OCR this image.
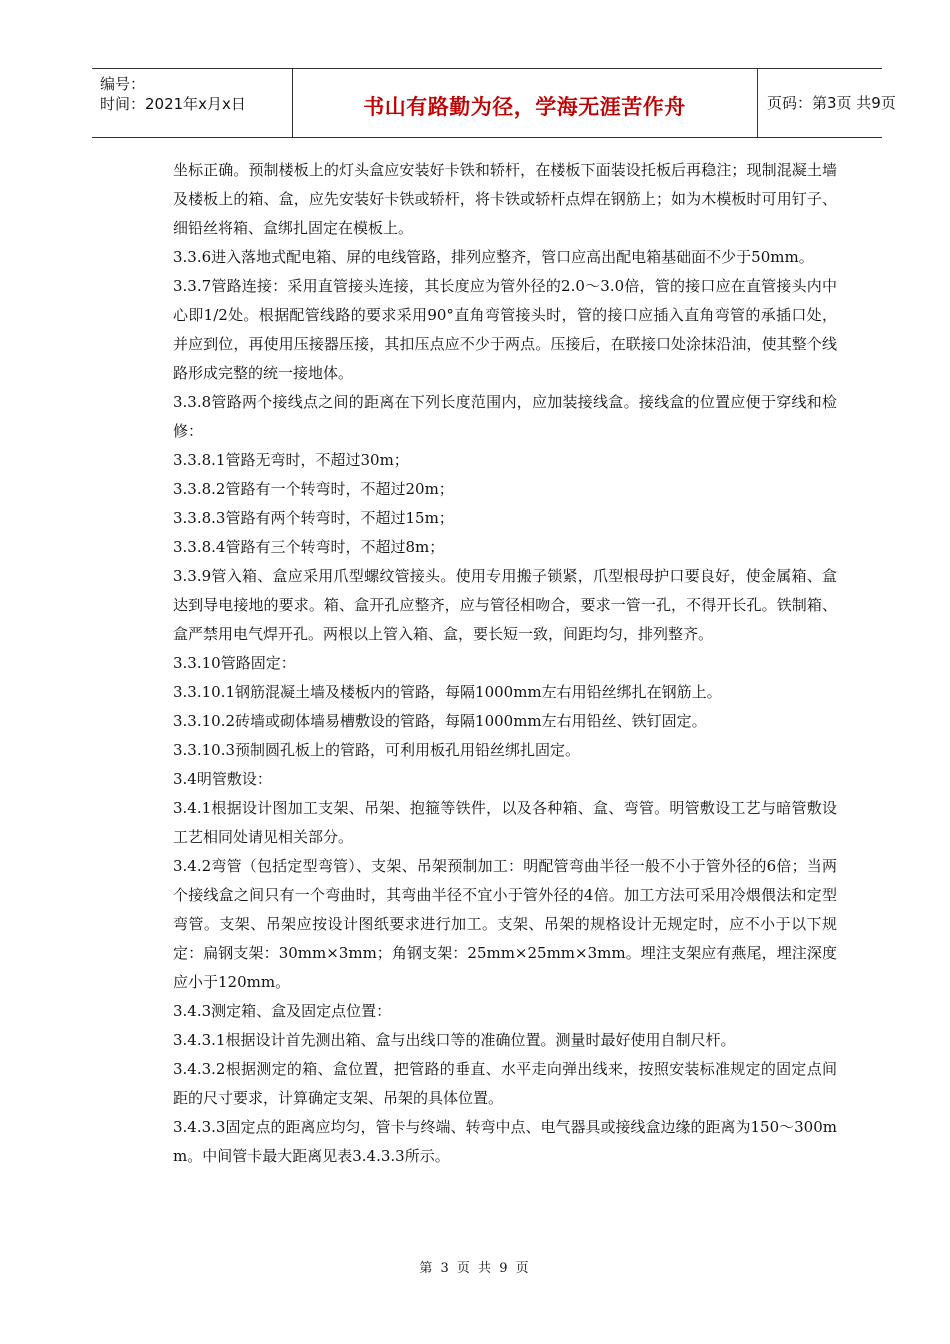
编号：
时间：2021年x月x日	书山有路勤为径，学海无涯苦作舟	页码：第3页 共9页

坐标正确。预制楼板上的灯头盒应安装好卡铁和轿杆，在楼板下面装设托板后再稳注；现制混凝土墙及楼板上的箱、盒，应先安装好卡铁或轿杆，将卡铁或轿杆点焊在钢筋上；如为木模板时可用钉子、细铅丝将箱、盒绑扎固定在模板上。

3.3.6进入落地式配电箱、屏的电线管路，排列应整齐，管口应高出配电箱基础面不少于50mm。

3.3.7管路连接：采用直管接头连接，其长度应为管外径的2.0～3.0倍，管的接口应在直管接头内中心即1/2处。根据配管线路的要求采用90°直角弯管接头时，管的接口应插入直角弯管的承插口处，并应到位，再使用压接器压接，其扣压点应不少于两点。压接后，在联接口处涂抹沿油，使其整个线路形成完整的统一接地体。

3.3.8管路两个接线点之间的距离在下列长度范围内，应加装接线盒。接线盒的位置应便于穿线和检修：

3.3.8.1管路无弯时，不超过30m；

3.3.8.2管路有一个转弯时，不超过20m；

3.3.8.3管路有两个转弯时，不超过15m；

3.3.8.4管路有三个转弯时，不超过8m；

3.3.9管入箱、盒应采用爪型螺纹管接头。使用专用搬子锁紧，爪型根母护口要良好，使金属箱、盒达到导电接地的要求。箱、盒开孔应整齐，应与管径相吻合，要求一管一孔，不得开长孔。铁制箱、盒严禁用电气焊开孔。两根以上管入箱、盒，要长短一致，间距均匀，排列整齐。

3.3.10管路固定：

3.3.10.1钢筋混凝土墙及楼板内的管路，每隔1000mm左右用铅丝绑扎在钢筋上。

3.3.10.2砖墙或砌体墙易槽敷设的管路，每隔1000mm左右用铅丝、铁钉固定。

3.3.10.3预制圆孔板上的管路，可利用板孔用铅丝绑扎固定。

3.4明管敷设：

3.4.1根据设计图加工支架、吊架、抱箍等铁件，以及各种箱、盒、弯管。明管敷设工艺与暗管敷设工艺相同处请见相关部分。

3.4.2弯管（包括定型弯管）、支架、吊架预制加工：明配管弯曲半径一般不小于管外径的6倍；当两个接线盒之间只有一个弯曲时，其弯曲半径不宜小于管外径的4倍。加工方法可采用冷煨偎法和定型弯管。支架、吊架应按设计图纸要求进行加工。支架、吊架的规格设计无规定时，应不小于以下规定：扁钢支架：30mm×3mm；角钢支架：25mm×25mm×3mm。埋注支架应有燕尾，埋注深度应小于120mm。

3.4.3测定箱、盒及固定点位置：

3.4.3.1根据设计首先测出箱、盒与出线口等的准确位置。测量时最好使用自制尺杆。

3.4.3.2根据测定的箱、盒位置，把管路的垂直、水平走向弹出线来，按照安装标准规定的固定点间距的尺寸要求，计算确定支架、吊架的具体位置。

3.4.3.3固定点的距离应均匀，管卡与终端、转弯中点、电气器具或接线盒边缘的距离为150～300mm。中间管卡最大距离见表3.4.3.3所示。

第 3 页 共 9 页
